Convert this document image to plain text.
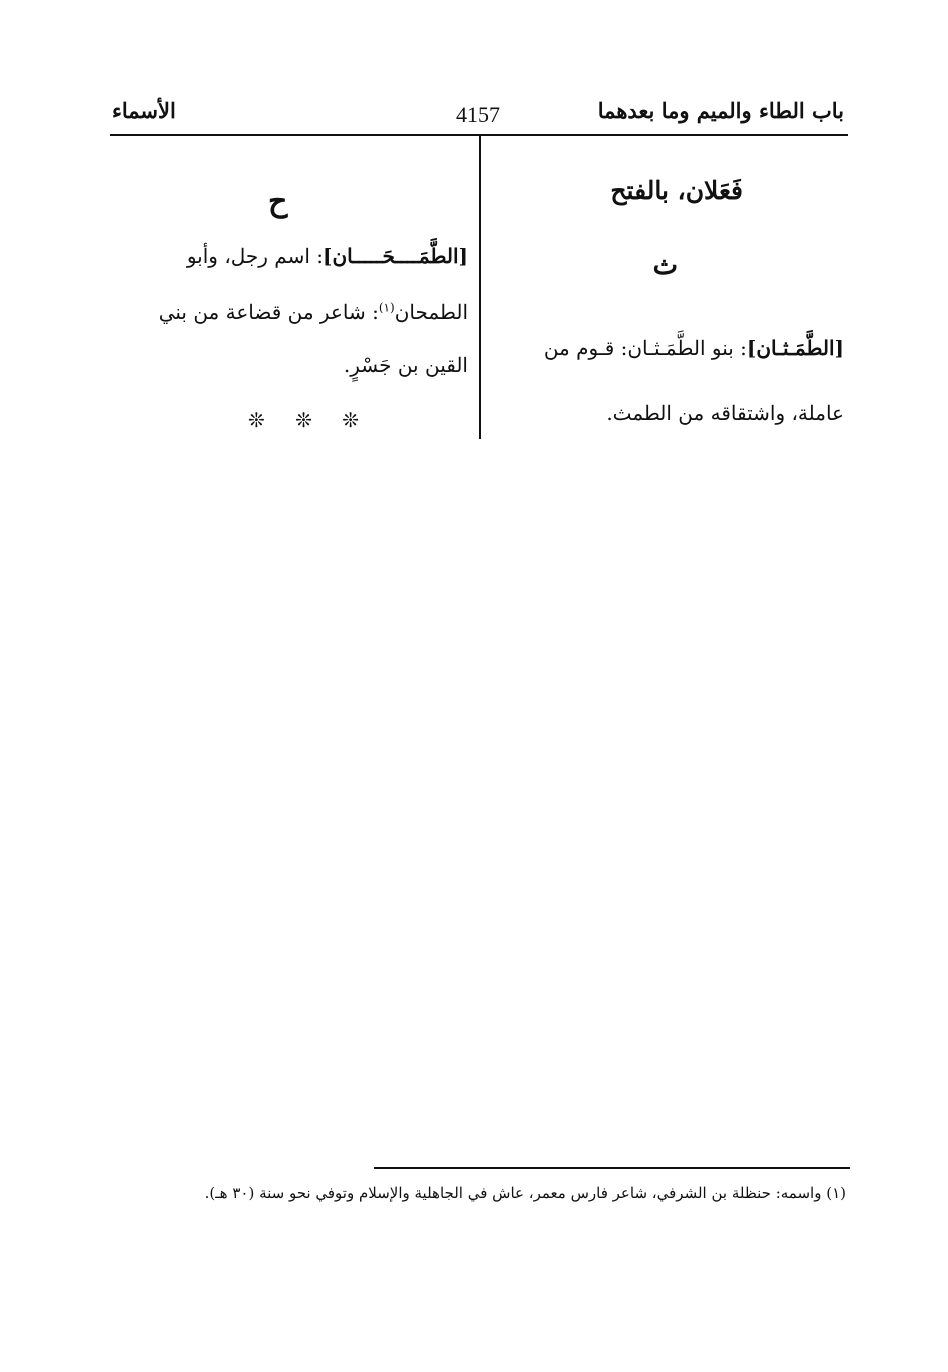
باب الطاء والميم وما بعدهما
4157
الأسماء
فَعَلان، بالفتح
ث
[الطَّمَـثـان]: بنو الطَّمَـثـان: قـوم من
عاملة، واشتقاقه من الطمث.
ح
[الطَّمَــــحَـــــان]: اسم رجل، وأبو
الطمحان$^{(١)}$: شاعر من قضاعة من بني
القين بن جَسْرٍ.
❊ ❊ ❊
(١) واسمه: حنظلة بن الشرفي، شاعر فارس معمر، عاش في الجاهلية والإسلام وتوفي نحو سنة (٣٠ هـ).
